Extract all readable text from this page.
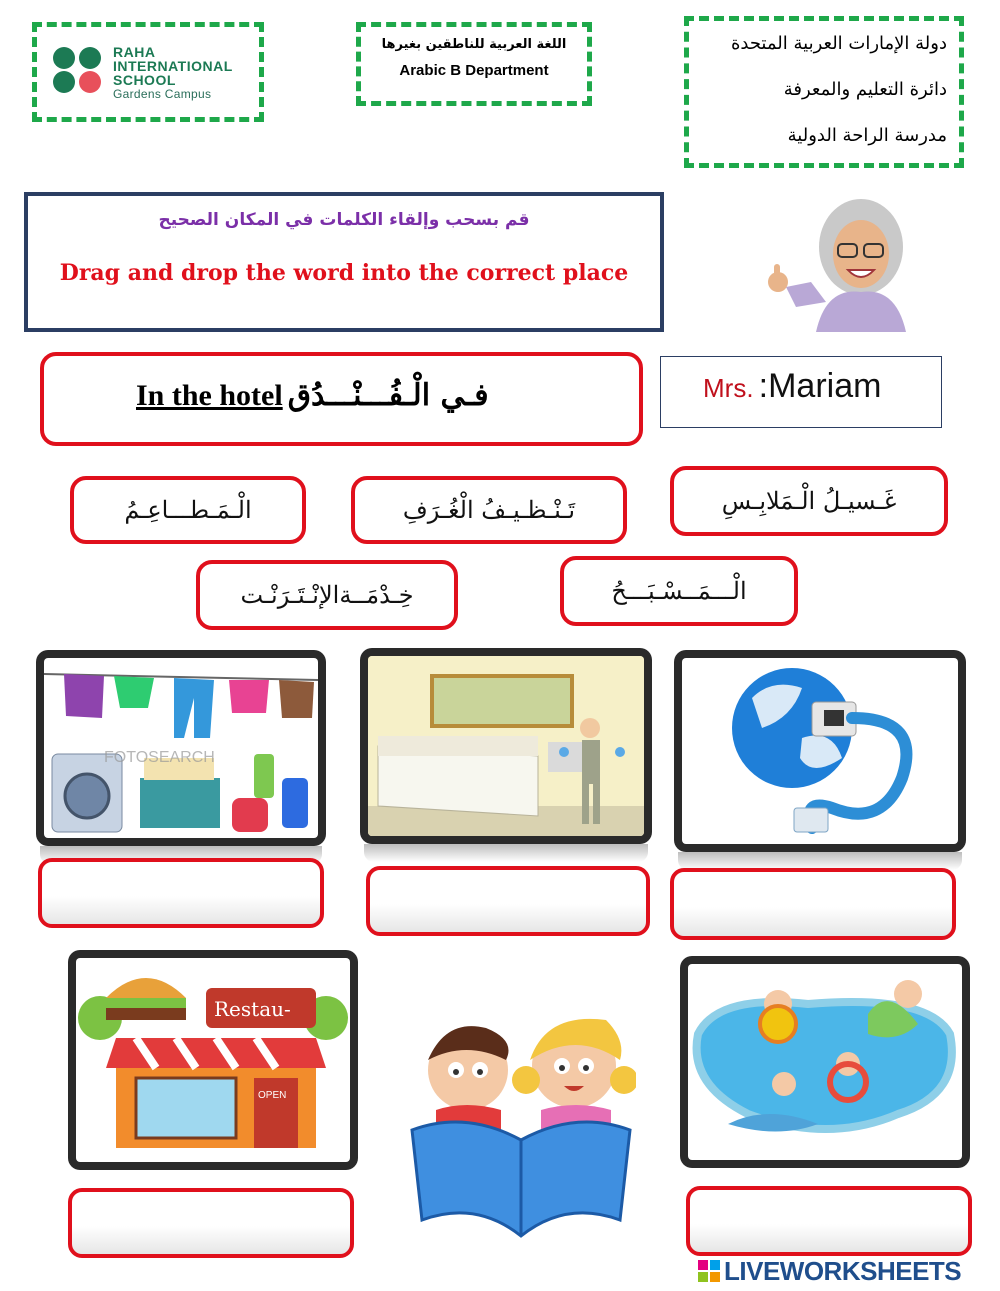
RAHA
INTERNATIONAL
SCHOOL
Gardens Campus
اللغة العربية للناطقين بغيرها
Arabic B Department
دولة الإمارات العربية المتحدة
دائرة التعليم والمعرفة
مدرسة الراحة الدولية
قم بسحب وإلقاء الكلمات في المكان الصحيح
Drag and drop the word into the correct place
In the hotel فـي الْـفُـــنْـــدُق	Mrs. :Mariam
الْـمَـطـــاعِـمُ	تَـنْـظـيـفُ الْغُـرَفِ	غَـسيـلُ الْـمَلابِـسِ
خِـدْمَــةالإنْـتَـرَنْـت	الْـــمَــسْـبَـــحُ
FOTOSEARCH
Restau-
OPEN
LIVEWORKSHEETS
